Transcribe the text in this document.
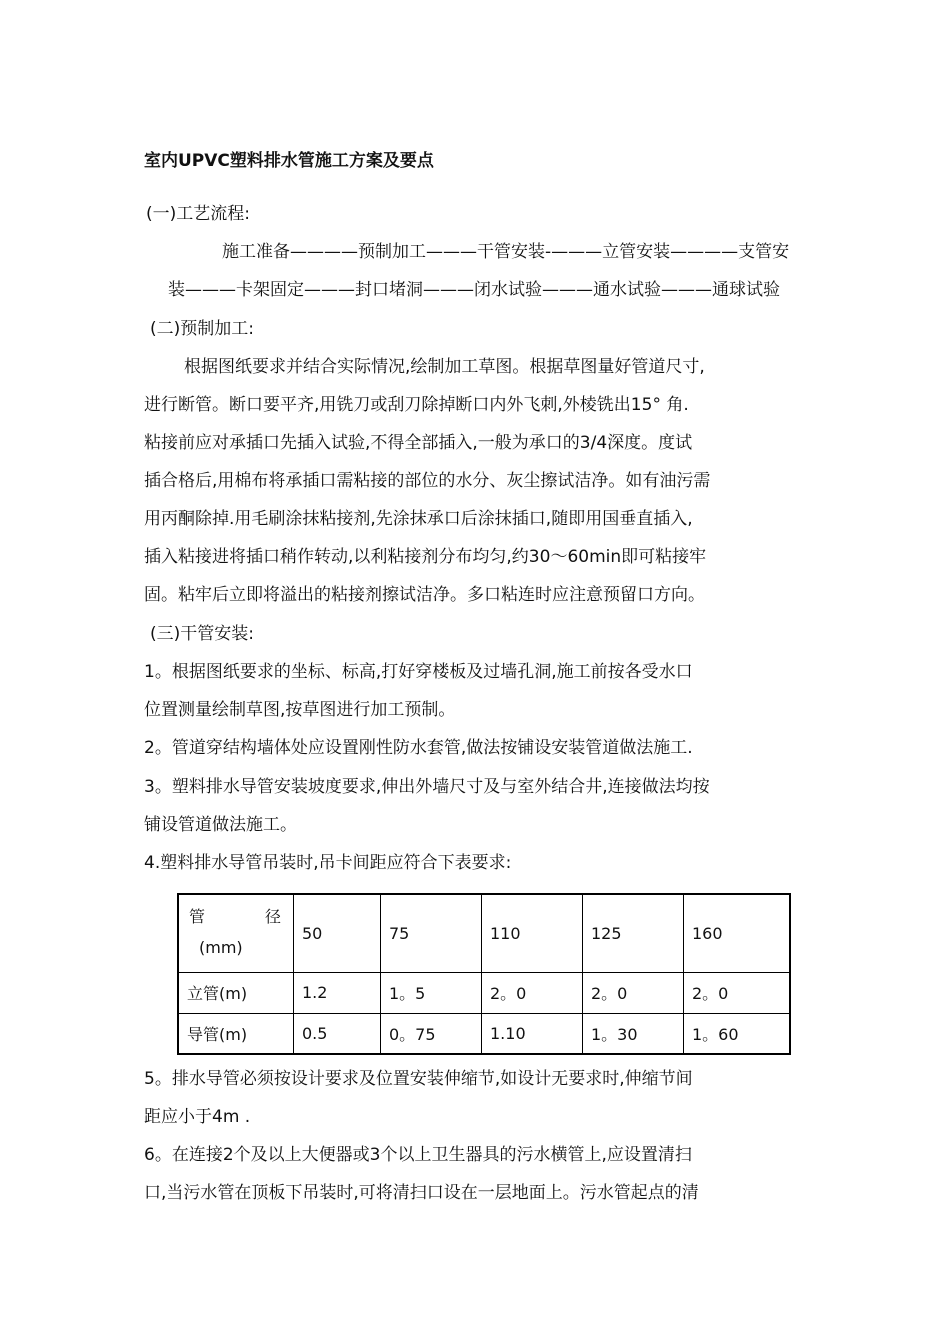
室内UPVC塑料排水管施工方案及要点
(一)工艺流程:
施工准备————预制加工———干管安装-———立管安装————支管安
装———卡架固定———封口堵洞———闭水试验———通水试验———通球试验
(二)预制加工:
根据图纸要求并结合实际情况,绘制加工草图。根据草图量好管道尺寸,
进行断管。断口要平齐,用铣刀或刮刀除掉断口内外飞刺,外棱铣出15° 角.
粘接前应对承插口先插入试验,不得全部插入,一般为承口的3/4深度。度试
插合格后,用棉布将承插口需粘接的部位的水分、灰尘擦试洁净。如有油污需
用丙酮除掉.用毛刷涂抹粘接剂,先涂抹承口后涂抹插口,随即用国垂直插入,
插入粘接进将插口稍作转动,以利粘接剂分布均匀,约30～60min即可粘接牢
固。粘牢后立即将溢出的粘接剂擦试洁净。多口粘连时应注意预留口方向。
(三)干管安装:
1。根据图纸要求的坐标、标高,打好穿楼板及过墙孔洞,施工前按各受水口
位置测量绘制草图,按草图进行加工预制。
2。管道穿结构墙体处应设置刚性防水套管,做法按铺设安装管道做法施工.
3。塑料排水导管安装坡度要求,伸出外墙尺寸及与室外结合井,连接做法均按
铺设管道做法施工。
4.塑料排水导管吊装时,吊卡间距应符合下表要求:
管 径
(mm)	50	75	110	125	160
立管(m)	1.2	1。5	2。0	2。0	2。0
导管(m)	0.5	0。75	1.10	1。30	1。60
5。排水导管必须按设计要求及位置安装伸缩节,如设计无要求时,伸缩节间
距应小于4m .
6。在连接2个及以上大便器或3个以上卫生器具的污水横管上,应设置清扫
口,当污水管在顶板下吊装时,可将清扫口设在一层地面上。污水管起点的清
